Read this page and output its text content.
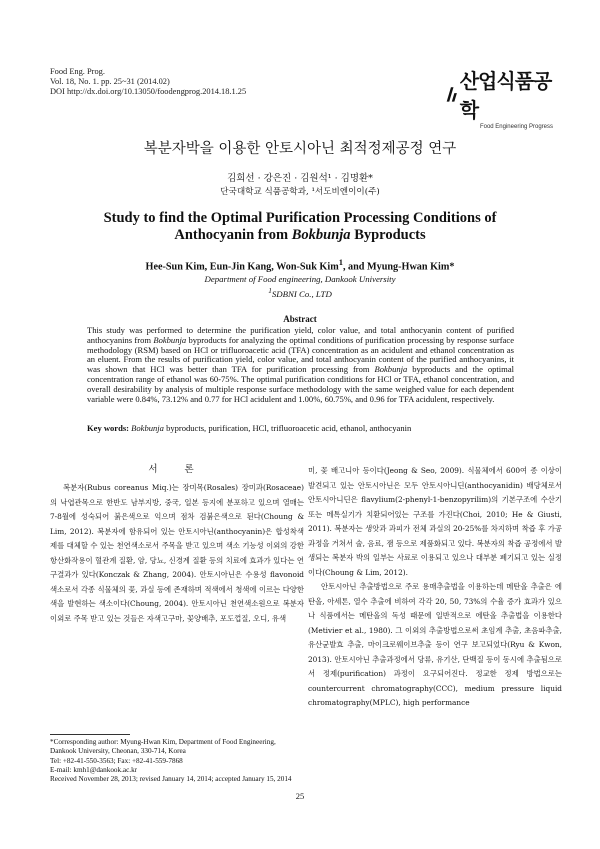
Food Eng. Prog.
Vol. 18, No. 1. pp. 25~31 (2014.02)
DOI http://dx.doi.org/10.13050/foodengprog.2014.18.1.25	산업식품공학
Food Engineering Progress
복분자박을 이용한 안토시아닌 최적정제공정 연구
김희선 · 강은진 · 김원석¹ · 김명환*
단국대학교 식품공학과, ¹서도비엔이이(주)
Study to find the Optimal Purification Processing Conditions of
Anthocyanin from Bokbunja Byproducts
Hee-Sun Kim, Eun-Jin Kang, Won-Suk Kim$^1$, and Myung-Hwan Kim*
Department of Food engineering, Dankook University
$^1$SDBNI Co., LTD
Abstract
This study was performed to determine the purification yield, color value, and total anthocyanin content of purified anthocyanins from Bokbunja byproducts for analyzing the optimal conditions of purification processing by response surface methodology (RSM) based on HCl or trifluoroacetic acid (TFA) concentration as an acidulent and ethanol concentration as an eluent. From the results of purification yield, color value, and total anthocyanin content of the purified anthocyanins, it was shown that HCl was better than TFA for purification processing from Bokbunja byproducts and the optimal concentration range of ethanol was 60-75%. The optimal purification conditions for HCl or TFA, ethanol concentration, and overall desirability by analysis of multiple response surface methodology with the same weighed value for each dependent variable were 0.84%, 73.12% and 0.77 for HCl acidulent and 1.00%, 60.75%, and 0.96 for TFA acidulent, respectively.
Key words: Bokbunja byproducts, purification, HCl, trifluoroacetic acid, ethanol, anthocyanin
서 론

복분자(Rubus coreanus Miq.)는 장미목(Rosales) 장미과(Rosaceae)의 낙엽관목으로 한반도 남부지방, 중국, 일본 등지에 분포하고 있으며 열매는 7-8월에 성숙되어 붉은색으로 익으며 점차 검붉은색으로 된다(Choung & Lim, 2012). 복분자에 함유되어 있는 안토시아닌(anthocyanin)은 합성착색제를 대체할 수 있는 천연색소로서 주목을 받고 있으며 색소 기능성 이외의 강한 항산화작용이 혈관계 질환, 암, 당뇨, 신경계 질환 등의 치료에 효과가 있다는 연구결과가 있다(Konczak & Zhang, 2004). 안토시아닌은 수용성 flavonoid 색소로서 각종 식물체의 꽃, 과실 등에 존재하며 적색에서 청색에 이르는 다양한 색을 발현하는 색소이다(Choung, 2004). 안토시아닌 천연색소원으로 복분자 이외로 주목 받고 있는 것들은 자색고구마, 꽃양배추, 포도껍질, 오디, 유색

*Corresponding author: Myung-Hwan Kim, Department of Food Engineering, Dankook University, Cheonan, 330-714, Korea
Tel: +82-41-550-3563; Fax: +82-41-559-7868
E-mail: kmh1@dankook.ac.kr
Received November 28, 2013; revised January 14, 2014; accepted January 15, 2014

미, 꽃 배고니아 등이다(Jeong & Seo, 2009). 식물체에서 600여 종 이상이 발견되고 있는 안토시아닌은 모두 안토시아니딘(anthocyanidin) 배당체로서 안토시아니딘은 flavylium(2-phenyl-1-benzopyrilim)의 기본구조에 수산기 또는 메톡실기가 치환되어있는 구조를 가진다(Choi, 2010; He & Giusti, 2011). 복분자는 생앗과 과피가 전체 과실의 20-25%를 차지하며 착즙 후 가공 과정을 거쳐서 술, 음료, 잼 등으로 제품화되고 있다. 복분자의 착즙 공정에서 발생되는 복분자 박의 일부는 사료로 이용되고 있으나 대부분 폐기되고 있는 실정이다(Choung & Lim, 2012).

안토시아닌 추출방법으로 주로 용매추출법을 이용하는데 메탄올 추출은 에탄올, 아세톤, 열수 추출에 비하여 각각 20, 50, 73%의 수율 증가 효과가 있으나 식품에서는 메탄올의 독성 때문에 일반적으로 에탄올 추출법을 이용한다(Metivier et al., 1980). 그 이외의 추출방법으로써 초임계 추출, 초음파추출, 유산균발효 추출, 마이크로웨이브추출 등이 연구 보고되었다(Ryu & Kwon, 2013). 안토시아닌 추출과정에서 당류, 유기산, 단백질 등이 동시에 추출됨으로서 정제(purification) 과정이 요구되어진다. 정교한 정제 방법으로는 countercurrent chromatography(CCC), medium pressure liquid chromatography(MPLC), high performance

25
